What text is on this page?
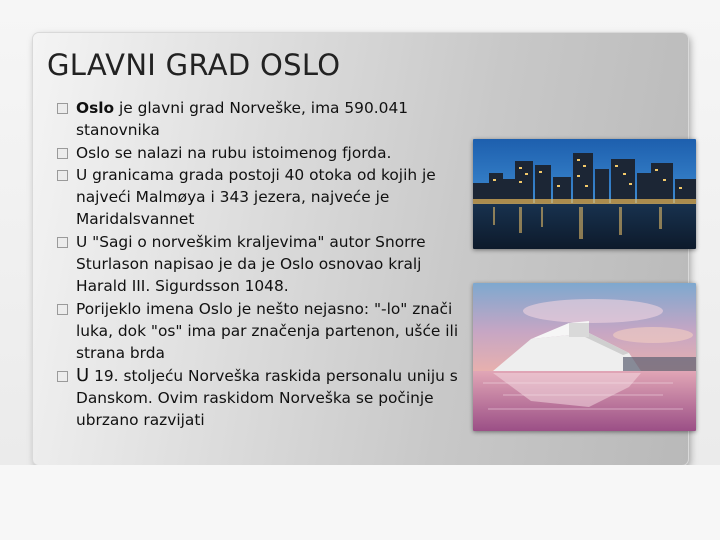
GLAVNI GRAD OSLO
Oslo je glavni grad Norveške, ima 590.041 stanovnika
Oslo se nalazi na rubu istoimenog fjorda.
U granicama grada postoji 40 otoka od kojih je najveći Malmøya i 343 jezera, najveće je Maridalsvannet
U "Sagi o norveškim kraljevima" autor Snorre Sturlason napisao je da je Oslo osnovao kralj Harald III. Sigurdsson 1048.
Porijeklo imena Oslo je nešto nejasno: "-lo" znači luka, dok "os" ima par značenja partenon, ušće ili strana brda
U 19. stoljeću Norveška raskida personalu uniju s Danskom. Ovim raskidom Norveška se počinje ubrzano razvijati
